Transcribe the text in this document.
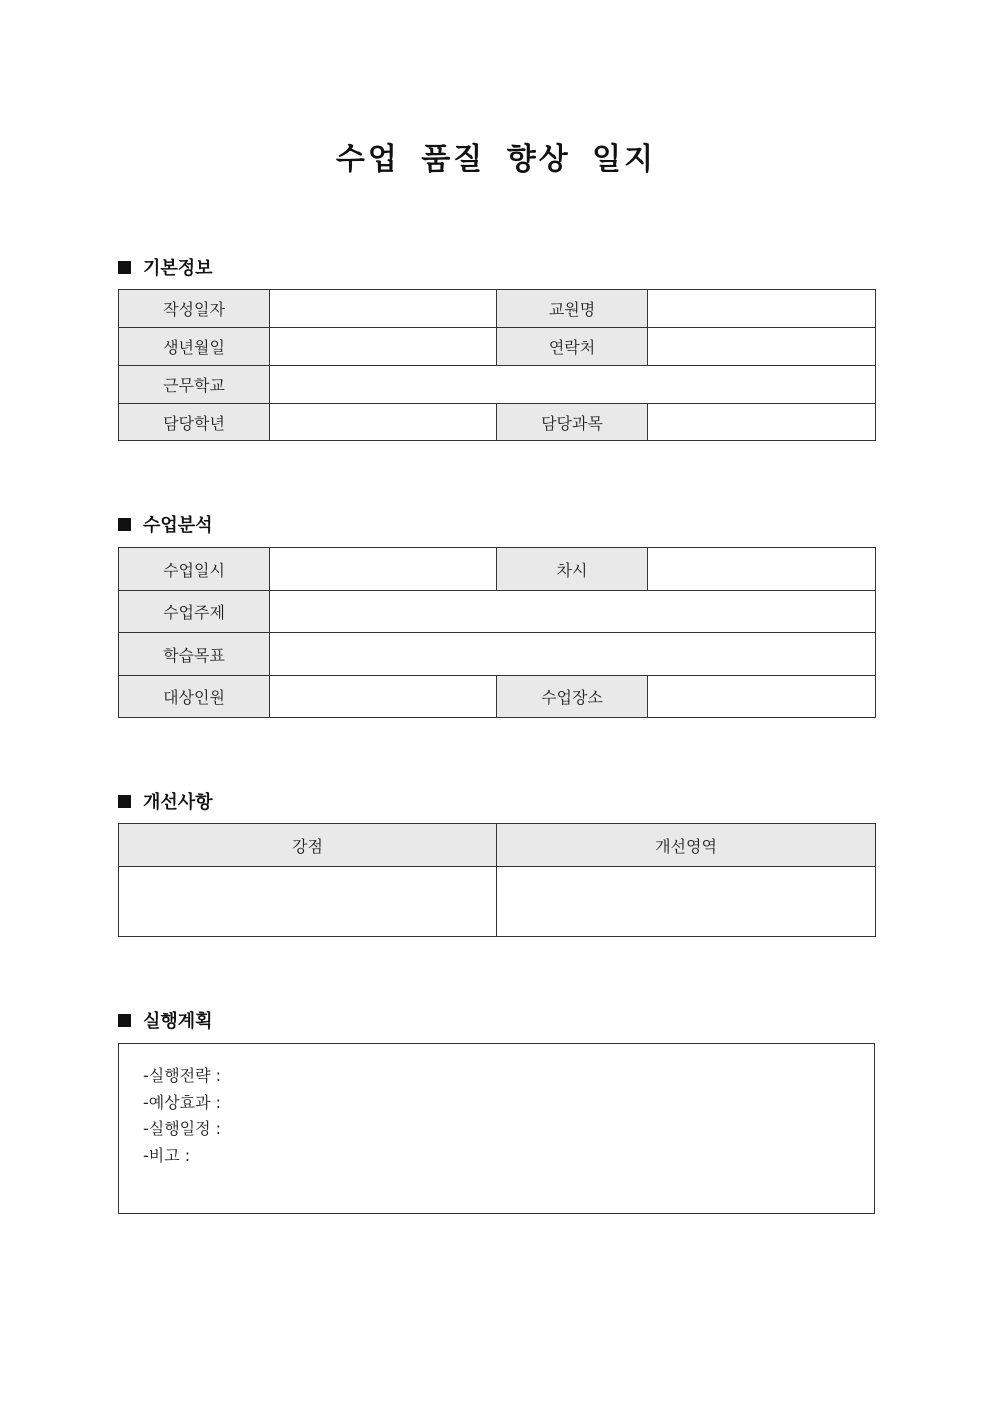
수업 품질 향상 일지
기본정보
작성일자		교원명	
생년월일		연락처	
근무학교			
담당학년		담당과목	
수업분석
수업일시		차시	
수업주제			
학습목표			
대상인원		수업장소	
개선사항
강점	개선영역

실행계획
-실행전략 :
-예상효과 :
-실행일정 :
-비고 :
